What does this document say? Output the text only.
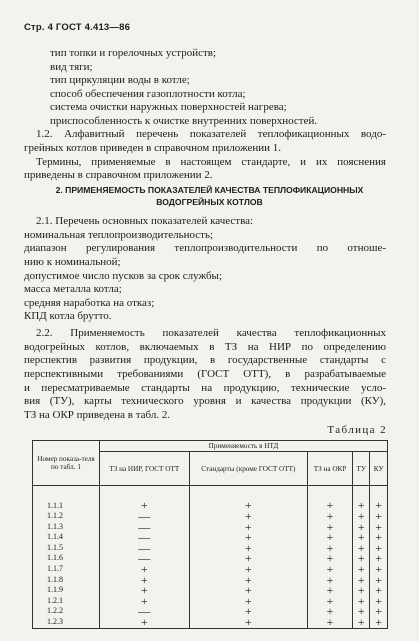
Стр. 4 ГОСТ 4.413—86
тип топки и горелочных устройств;
вид тяги;
тип циркуляции воды в котле;
способ обеспечения газоплотности котла;
система очистки наружных поверхностей нагрева;
приспособленность к очистке внутренних поверхностей.
1.2. Алфавитный перечень показателей теплофикационных водо-
грейных котлов приведен в справочном приложении 1.
Термины, применяемые в настоящем стандарте, и их пояснения
приведены в справочном приложении 2.
2. ПРИМЕНЯЕМОСТЬ ПОКАЗАТЕЛЕЙ КАЧЕСТВА ТЕПЛОФИКАЦИОННЫХ
ВОДОГРЕЙНЫХ КОТЛОВ
2.1. Перечень основных показателей качества:
номинальная теплопроизводительность;
диапазон регулирования теплопроизводительности по отноше-
нию к номинальной;
допустимое число пусков за срок службы;
масса металла котла;
средняя наработка на отказ;
КПД котла брутто.
2.2. Применяемость показателей качества теплофикационных
водогрейных котлов, включаемых в ТЗ на НИР по определению
перспектив развития продукции, в государственные стандарты с
перспективными требованиями (ГОСТ ОТТ), в разрабатываемые
и пересматриваемые стандарты на продукцию, технические усло-
вия (ТУ), карты технического уровня и качества продукции (КУ),
ТЗ на ОКР приведена в табл. 2.
Таблица 2
Номер показа-теля по табл. 1	Применяемость в НТД				
	ТЗ на НИР, ГОСТ ОТТ	Стандарты (кроме ГОСТ ОТТ)	ТЗ на ОКР	ТУ	КУ

1.1.1	+	+	+	+	+
1.1.2	—	+	+	+	+
1.1.3	—	+	+	+	+
1.1.4	—	+	+	+	+
1.1.5	—	+	+	+	+
1.1.6	—	+	+	+	+
1.1.7	+	+	+	+	+
1.1.8	+	+	+	+	+
1.1.9	+	+	+	+	+
1.2.1	+	+	+	+	+
1.2.2	—	+	+	+	+
1.2.3	+	+	+	+	+
